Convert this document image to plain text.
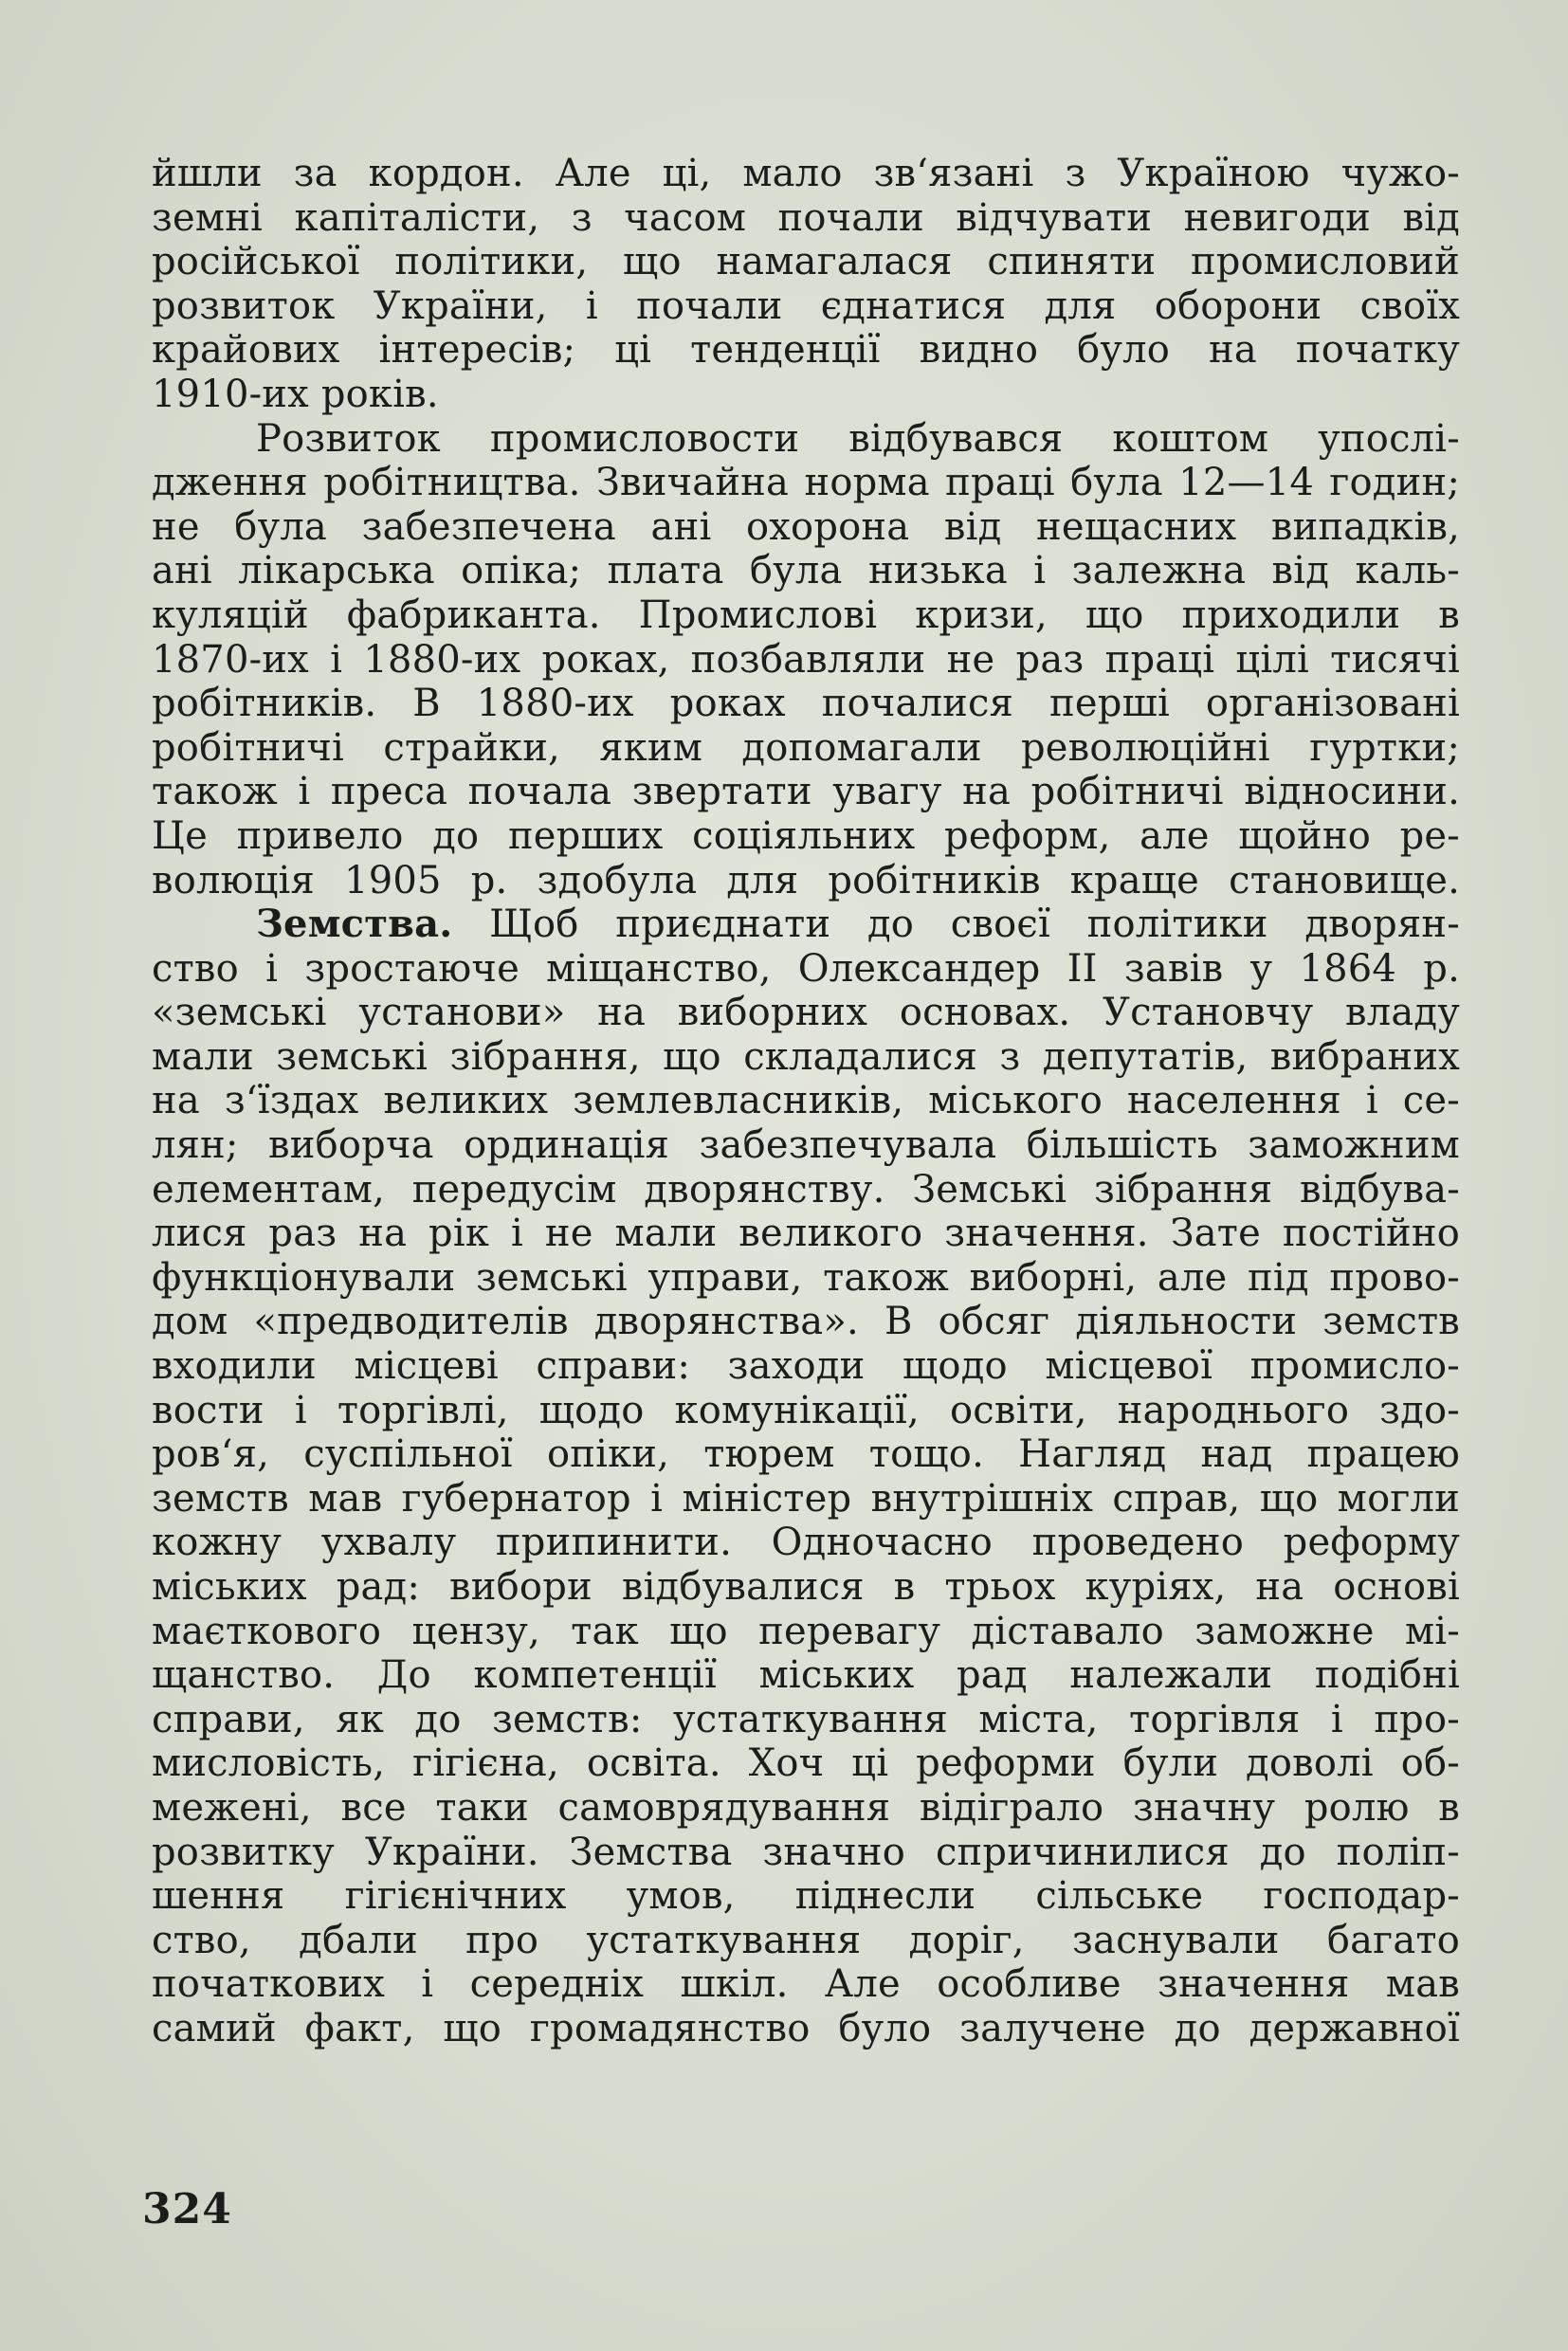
йшли за кордон. Але ці, мало зв‘язані з Україною чужо-
земні капіталісти, з часом почали відчувати невигоди від
російської політики, що намагалася спиняти промисловий
розвиток України, і почали єднатися для оборони своїх
крайових інтересів; ці тенденції видно було на початку
1910-их років.
Розвиток промисловости відбувався коштом упослі-
дження робітництва. Звичайна норма праці була 12—14 годин;
не була забезпечена ані охорона від нещасних випадків,
ані лікарська опіка; плата була низька і залежна від каль-
куляцій фабриканта. Промислові кризи, що приходили в
1870-их і 1880-их роках, позбавляли не раз праці цілі тисячі
робітників. В 1880-их роках почалися перші організовані
робітничі страйки, яким допомагали революційні гуртки;
також і преса почала звертати увагу на робітничі відносини.
Це привело до перших соціяльних реформ, але щойно ре-
волюція 1905 р. здобула для робітників краще становище.
Земства. Щоб приєднати до своєї політики дворян-
ство і зростаюче міщанство, Олександер II завів у 1864 р.
«земські установи» на виборних основах. Установчу владу
мали земські зібрання, що складалися з депутатів, вибраних
на з‘їздах великих землевласників, міського населення і се-
лян; виборча ординація забезпечувала більшість заможним
елементам, передусім дворянству. Земські зібрання відбува-
лися раз на рік і не мали великого значення. Зате постійно
функціонували земські управи, також виборні, але під прово-
дом «предводителів дворянства». В обсяг діяльности земств
входили місцеві справи: заходи щодо місцевої промисло-
вости і торгівлі, щодо комунікації, освіти, народнього здо-
ров‘я, суспільної опіки, тюрем тощо. Нагляд над працею
земств мав губернатор і міністер внутрішніх справ, що могли
кожну ухвалу припинити. Одночасно проведено реформу
міських рад: вибори відбувалися в трьох куріях, на основі
маєткового цензу, так що перевагу діставало заможне мі-
щанство. До компетенції міських рад належали подібні
справи, як до земств: устаткування міста, торгівля і про-
мисловість, гігієна, освіта. Хоч ці реформи були доволі об-
межені, все таки самоврядування відіграло значну ролю в
розвитку України. Земства значно спричинилися до поліп-
шення гігієнічних умов, піднесли сільське господар-
ство, дбали про устаткування доріг, заснували багато
початкових і середніх шкіл. Але особливе значення мав
самий факт, що громадянство було залучене до державної
324
